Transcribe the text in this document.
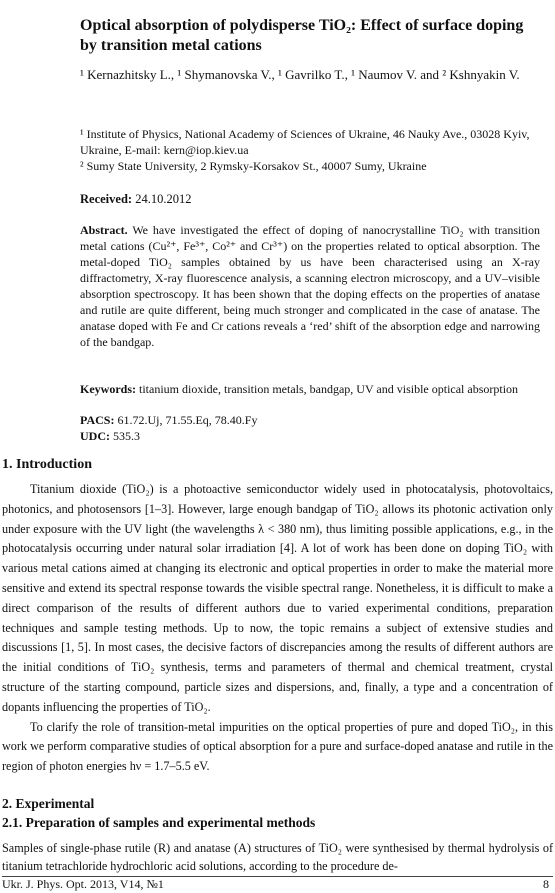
Optical absorption of polydisperse TiO₂: Effect of surface doping by transition metal cations
¹ Kernazhitsky L., ¹ Shymanovska V., ¹ Gavrilko T., ¹ Naumov V. and ² Kshnyakin V.
¹ Institute of Physics, National Academy of Sciences of Ukraine, 46 Nauky Ave., 03028 Kyiv, Ukraine, E-mail: kern@iop.kiev.ua
² Sumy State University, 2 Rymsky-Korsakov St., 40007 Sumy, Ukraine
Received: 24.10.2012
Abstract. We have investigated the effect of doping of nanocrystalline TiO₂ with transition metal cations (Cu²⁺, Fe³⁺, Co²⁺ and Cr³⁺) on the properties related to optical absorption. The metal-doped TiO₂ samples obtained by us have been characterised using an X-ray diffractometry, X-ray fluorescence analysis, a scanning electron microscopy, and a UV–visible absorption spectroscopy. It has been shown that the doping effects on the properties of anatase and rutile are quite different, being much stronger and complicated in the case of anatase. The anatase doped with Fe and Cr cations reveals a ‘red’ shift of the absorption edge and narrowing of the bandgap.
Keywords: titanium dioxide, transition metals, bandgap, UV and visible optical absorption
PACS: 61.72.Uj, 71.55.Eq, 78.40.Fy
UDC: 535.3
1. Introduction

Titanium dioxide (TiO₂) is a photoactive semiconductor widely used in photocatalysis, photovoltaics, photonics, and photosensors [1–3]. However, large enough bandgap of TiO₂ allows its photonic activation only under exposure with the UV light (the wavelengths λ < 380 nm), thus limiting possible applications, e.g., in the photocatalysis occurring under natural solar irradiation [4]. A lot of work has been done on doping TiO₂ with various metal cations aimed at changing its electronic and optical properties in order to make the material more sensitive and extend its spectral response towards the visible spectral range. Nonetheless, it is difficult to make a direct comparison of the results of different authors due to varied experimental conditions, preparation techniques and sample testing methods. Up to now, the topic remains a subject of extensive studies and discussions [1, 5]. In most cases, the decisive factors of discrepancies among the results of different authors are the initial conditions of TiO₂ synthesis, terms and parameters of thermal and chemical treatment, crystal structure of the starting compound, particle sizes and dispersions, and, finally, a type and a concentration of dopants influencing the properties of TiO₂.

To clarify the role of transition-metal impurities on the optical properties of pure and doped TiO₂, in this work we perform comparative studies of optical absorption for a pure and surface-doped anatase and rutile in the region of photon energies hν = 1.7–5.5 eV.

2. Experimental
2.1. Preparation of samples and experimental methods
Samples of single-phase rutile (R) and anatase (A) structures of TiO₂ were synthesised by thermal hydrolysis of titanium tetrachloride hydrochloric acid solutions, according to the procedure de-
Ukr. J. Phys. Opt. 2013, V14, №1	8
